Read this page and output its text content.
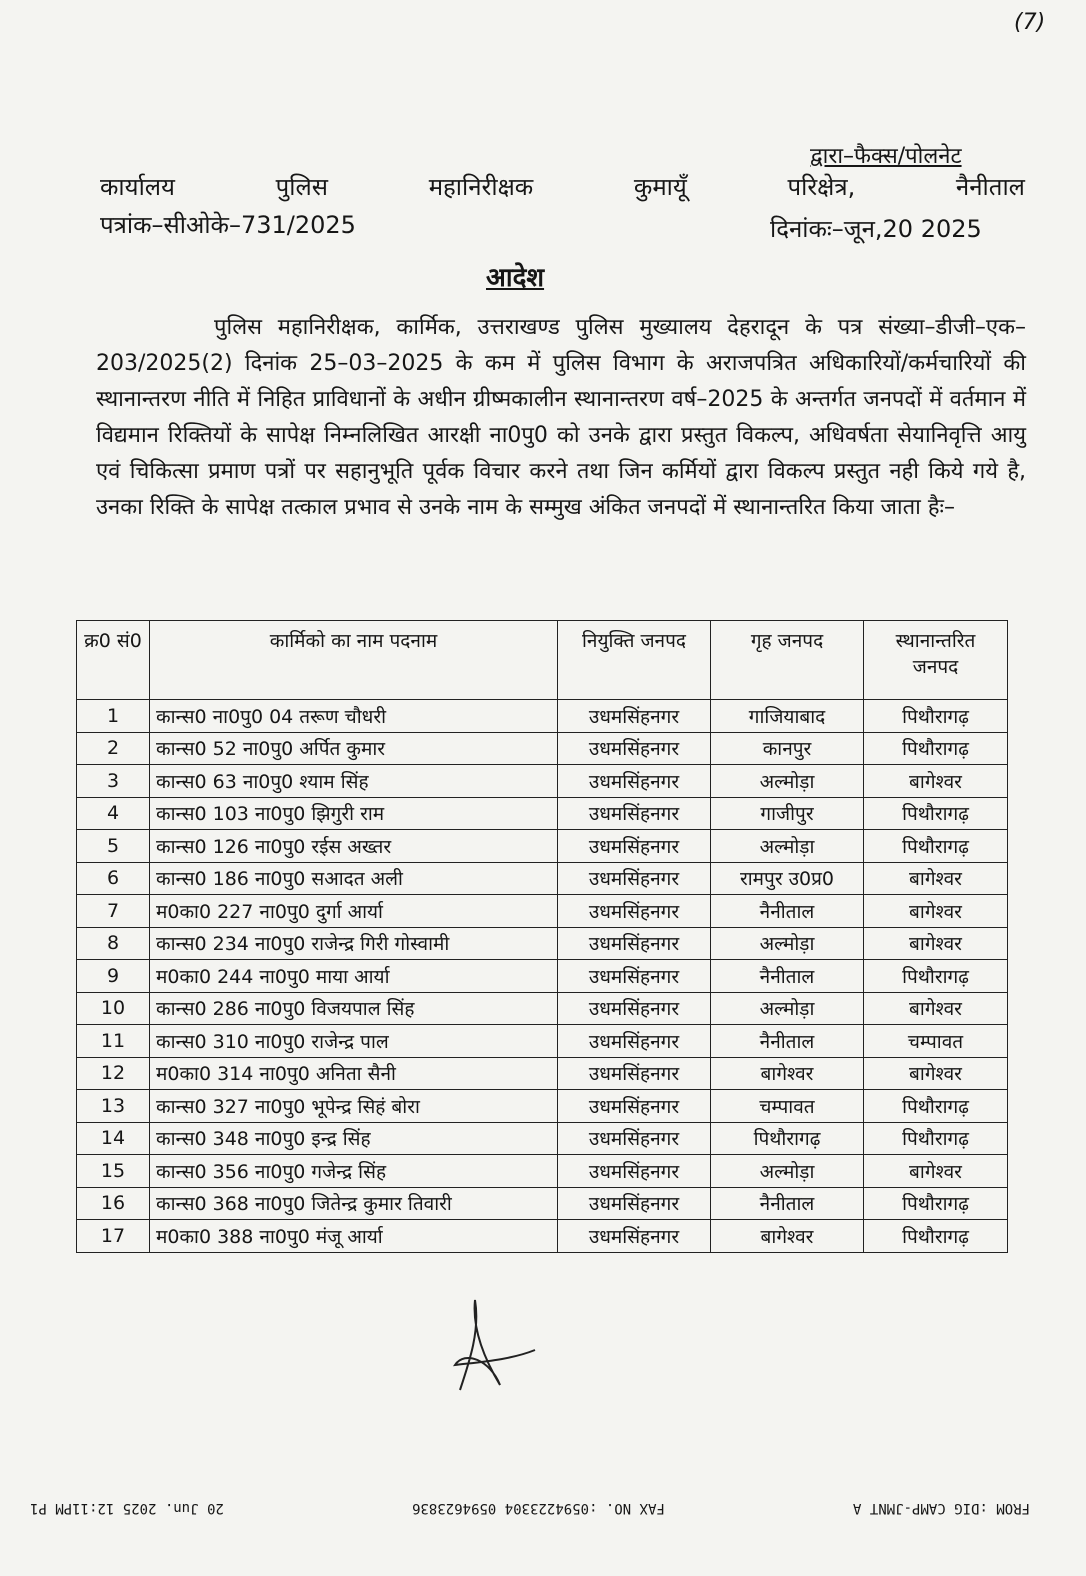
(7)
द्वारा–फैक्स/पोलनेट
कार्यालय	पुलिस	महानिरीक्षक	कुमायूँ	परिक्षेत्र,	नैनीताल
पत्रांक–सीओके–731/2025	दिनांकः–जून,20 2025
आदेश
पुलिस महानिरीक्षक, कार्मिक, उत्तराखण्ड पुलिस मुख्यालय देहरादून के पत्र संख्या–डीजी–एक–203/2025(2) दिनांक 25–03–2025 के कम में पुलिस विभाग के अराजपत्रित अधिकारियों/कर्मचारियों की स्थानान्तरण नीति में निहित प्राविधानों के अधीन ग्रीष्मकालीन स्थानान्तरण वर्ष–2025 के अन्तर्गत जनपदों में वर्तमान में विद्यमान रिक्तियों के सापेक्ष निम्नलिखित आरक्षी ना0पु0 को उनके द्वारा प्रस्तुत विकल्प, अधिवर्षता सेयानिवृत्ति आयु एवं चिकित्सा प्रमाण पत्रों पर सहानुभूति पूर्वक विचार करने तथा जिन कर्मियों द्वारा विकल्प प्रस्तुत नही किये गये है, उनका रिक्ति के सापेक्ष तत्काल प्रभाव से उनके नाम के सम्मुख अंकित जनपदों में स्थानान्तरित किया जाता हैः–
क्र0 सं0	कार्मिको का नाम पदनाम	नियुक्ति जनपद	गृह जनपद	स्थानान्तरित जनपद
1	कान्स0 ना0पु0 04 तरूण चौधरी	उधमसिंहनगर	गाजियाबाद	पिथौरागढ़
2	कान्स0 52 ना0पु0 अर्पित कुमार	उधमसिंहनगर	कानपुर	पिथौरागढ़
3	कान्स0 63 ना0पु0 श्याम सिंह	उधमसिंहनगर	अल्मोड़ा	बागेश्वर
4	कान्स0 103 ना0पु0 झिगुरी राम	उधमसिंहनगर	गाजीपुर	पिथौरागढ़
5	कान्स0 126 ना0पु0 रईस अख्तर	उधमसिंहनगर	अल्मोड़ा	पिथौरागढ़
6	कान्स0 186 ना0पु0 सआदत अली	उधमसिंहनगर	रामपुर उ0प्र0	बागेश्वर
7	म0का0 227 ना0पु0 दुर्गा आर्या	उधमसिंहनगर	नैनीताल	बागेश्वर
8	कान्स0 234 ना0पु0 राजेन्द्र गिरी गोस्वामी	उधमसिंहनगर	अल्मोड़ा	बागेश्वर
9	म0का0 244 ना0पु0 माया आर्या	उधमसिंहनगर	नैनीताल	पिथौरागढ़
10	कान्स0 286 ना0पु0 विजयपाल सिंह	उधमसिंहनगर	अल्मोड़ा	बागेश्वर
11	कान्स0 310 ना0पु0 राजेन्द्र पाल	उधमसिंहनगर	नैनीताल	चम्पावत
12	म0का0 314 ना0पु0 अनिता सैनी	उधमसिंहनगर	बागेश्वर	बागेश्वर
13	कान्स0 327 ना0पु0 भूपेन्द्र सिहं बोरा	उधमसिंहनगर	चम्पावत	पिथौरागढ़
14	कान्स0 348 ना0पु0 इन्द्र सिंह	उधमसिंहनगर	पिथौरागढ़	पिथौरागढ़
15	कान्स0 356 ना0पु0 गजेन्द्र सिंह	उधमसिंहनगर	अल्मोड़ा	बागेश्वर
16	कान्स0 368 ना0पु0 जितेन्द्र कुमार तिवारी	उधमसिंहनगर	नैनीताल	पिथौरागढ़
17	म0का0 388 ना0पु0 मंजू आर्या	उधमसिंहनगर	बागेश्वर	पिथौरागढ़
FROM :DIG CAMP-JMNT A
FAX NO. :0594223304 0594623836
20 Jun. 2025 12:11PM P1
